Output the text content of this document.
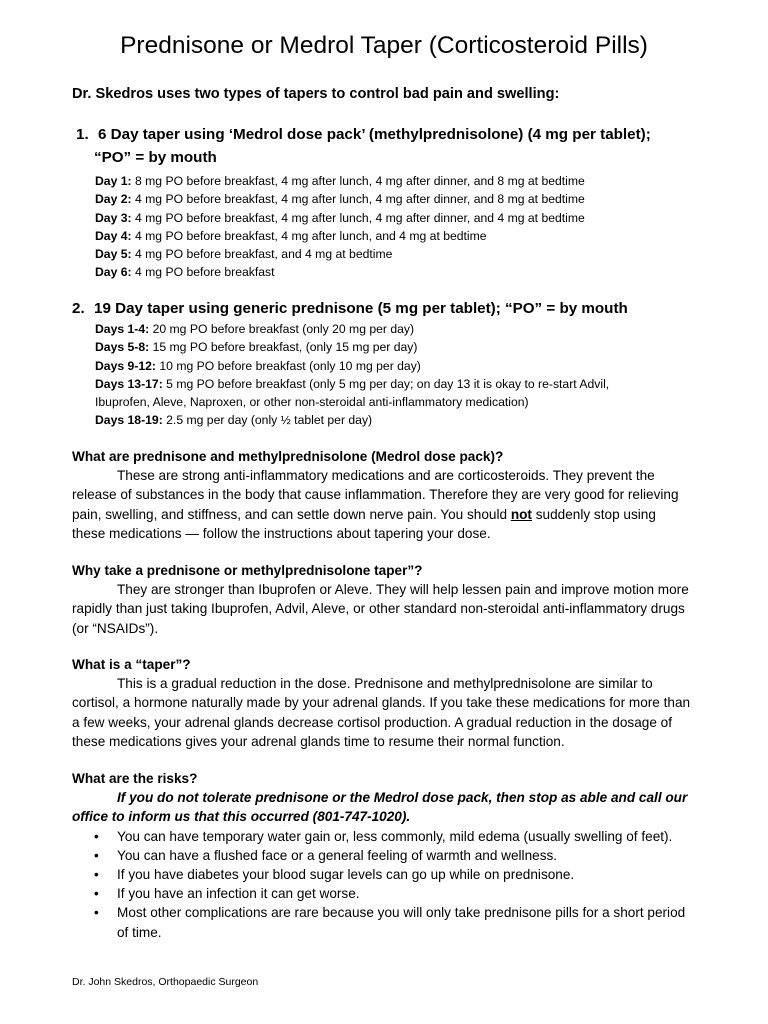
Prednisone or Medrol Taper (Corticosteroid Pills)
Dr. Skedros uses two types of tapers to control bad pain and swelling:
1. 6 Day taper using ‘Medrol dose pack’ (methylprednisolone) (4 mg per tablet);
“PO” = by mouth
Day 1: 8 mg PO before breakfast, 4 mg after lunch, 4 mg after dinner, and 8 mg at bedtime
Day 2: 4 mg PO before breakfast, 4 mg after lunch, 4 mg after dinner, and 8 mg at bedtime
Day 3: 4 mg PO before breakfast, 4 mg after lunch, 4 mg after dinner, and 4 mg at bedtime
Day 4: 4 mg PO before breakfast, 4 mg after lunch, and 4 mg at bedtime
Day 5: 4 mg PO before breakfast, and 4 mg at bedtime
Day 6: 4 mg PO before breakfast
2. 19 Day taper using generic prednisone (5 mg per tablet); “PO” = by mouth
Days 1-4: 20 mg PO before breakfast (only 20 mg per day)
Days 5-8: 15 mg PO before breakfast, (only 15 mg per day)
Days 9-12: 10 mg PO before breakfast (only 10 mg per day)
Days 13-17: 5 mg PO before breakfast (only 5 mg per day; on day 13 it is okay to re-start Advil,
Ibuprofen, Aleve, Naproxen, or other non-steroidal anti-inflammatory medication)
Days 18-19: 2.5 mg per day (only ½ tablet per day)
What are prednisone and methylprednisolone (Medrol dose pack)?
These are strong anti-inflammatory medications and are corticosteroids. They prevent the release of substances in the body that cause inflammation. Therefore they are very good for relieving pain, swelling, and stiffness, and can settle down nerve pain. You should not suddenly stop using these medications — follow the instructions about tapering your dose.
Why take a prednisone or methylprednisolone taper”?
They are stronger than Ibuprofen or Aleve. They will help lessen pain and improve motion more rapidly than just taking Ibuprofen, Advil, Aleve, or other standard non-steroidal anti-inflammatory drugs (or “NSAIDs”).
What is a “taper”?
This is a gradual reduction in the dose. Prednisone and methylprednisolone are similar to cortisol, a hormone naturally made by your adrenal glands. If you take these medications for more than a few weeks, your adrenal glands decrease cortisol production. A gradual reduction in the dosage of these medications gives your adrenal glands time to resume their normal function.
What are the risks?
If you do not tolerate prednisone or the Medrol dose pack, then stop as able and call our office to inform us that this occurred (801-747-1020).
• You can have temporary water gain or, less commonly, mild edema (usually swelling of feet).
• You can have a flushed face or a general feeling of warmth and wellness.
• If you have diabetes your blood sugar levels can go up while on prednisone.
• If you have an infection it can get worse.
• Most other complications are rare because you will only take prednisone pills for a short period of time.
Dr. John Skedros, Orthopaedic Surgeon
